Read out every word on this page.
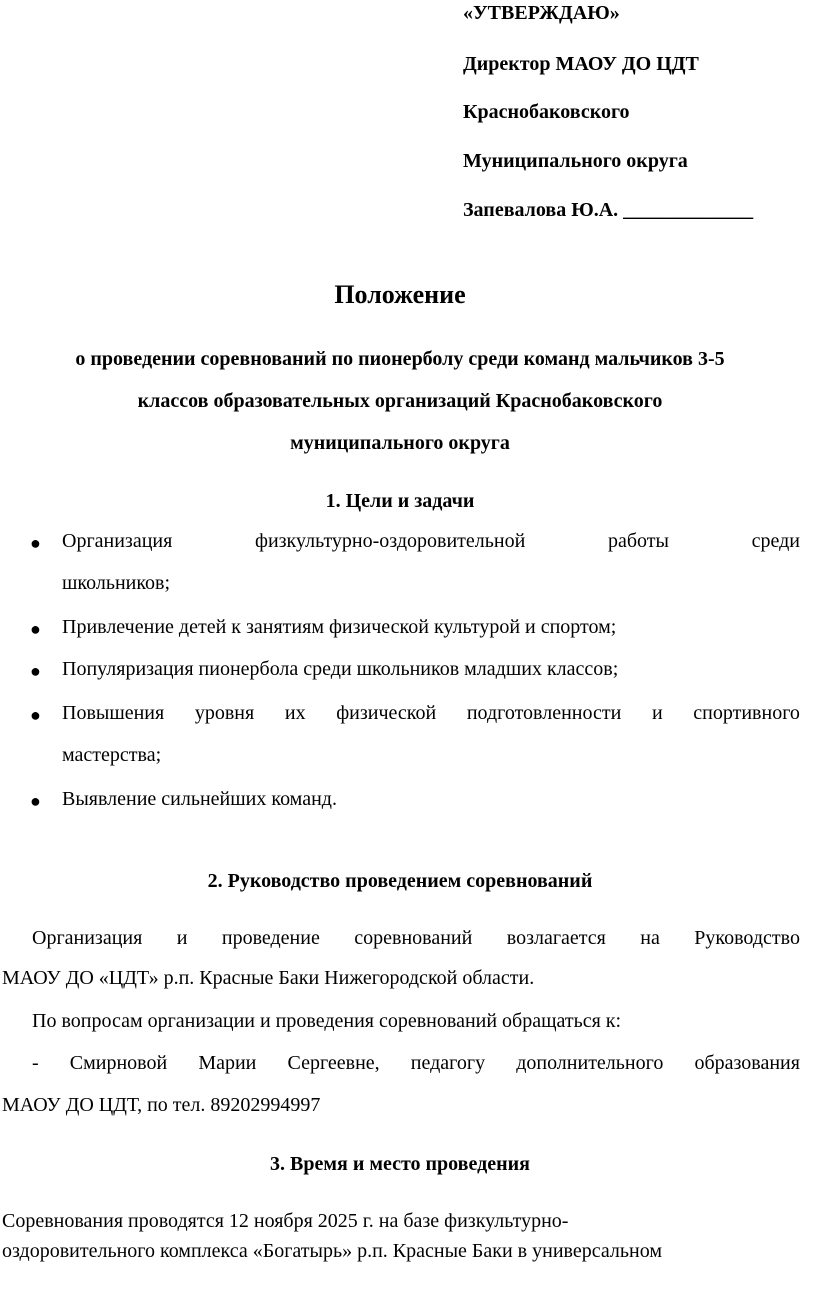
«УТВЕРЖДАЮ»
Директор МАОУ ДО ЦДТ
Краснобаковского
Муниципального округа
Запевалова Ю.А. _____________
Положение
о проведении соревнований по пионерболу среди команд мальчиков 3-5
классов образовательных организаций Краснобаковского
муниципального округа
1. Цели и задачи
● Организация	физкультурно-оздоровительной	работы	среди
школьников;
● Привлечение детей к занятиям физической культурой и спортом;
● Популяризация пионербола среди школьников младших классов;
● Повышения уровня их физической подготовленности и спортивного
мастерства;
● Выявление сильнейших команд.
2. Руководство проведением соревнований
Организация и проведение соревнований возлагается на Руководство
МАОУ ДО «ЦДТ» р.п. Красные Баки Нижегородской области.
По вопросам организации и проведения соревнований обращаться к:
- Смирновой Марии Сергеевне, педагогу дополнительного образования
МАОУ ДО ЦДТ, по тел. 89202994997
3. Время и место проведения
Соревнования проводятся 12 ноября 2025 г. на базе физкультурно-
оздоровительного комплекса «Богатырь» р.п. Красные Баки в универсальном
